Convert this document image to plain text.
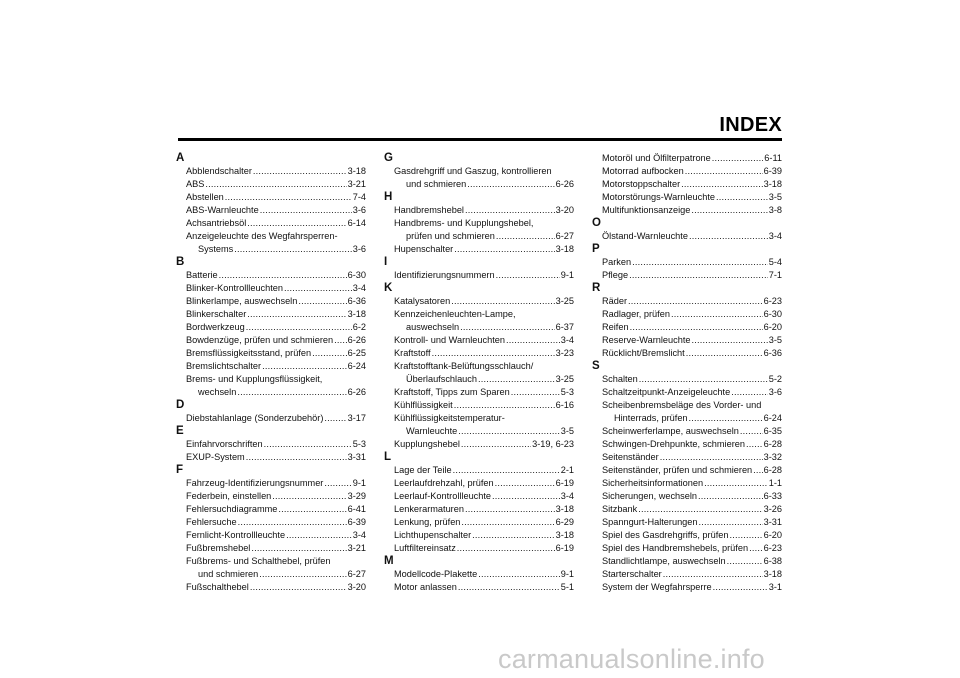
INDEX
A
Abblendschalter .....	3-18
ABS .....	3-21
Abstellen .....	7-4
ABS-Warnleuchte .....	3-6
Achsantriebsöl .....	6-14
Anzeigeleuchte des Wegfahrsperren-
Systems .....	3-6
B
Batterie .....	6-30
Blinker-Kontrollleuchten .....	3-4
Blinkerlampe, auswechseln .....	6-36
Blinkerschalter .....	3-18
Bordwerkzeug .....	6-2
Bowdenzüge, prüfen und schmieren ..... 6-26
Bremsflüssigkeitsstand, prüfen .....	6-25
Bremslichtschalter .....	6-24
Brems- und Kupplungsflüssigkeit,
wechseln .....	6-26
D
Diebstahlanlage (Sonderzubehör) .....	3-17
E
Einfahrvorschriften .....	5-3
EXUP-System .....	3-31
F
Fahrzeug-Identifizierungsnummer .....	9-1
Federbein, einstellen .....	3-29
Fehlersuchdiagramme .....	6-41
Fehlersuche .....	6-39
Fernlicht-Kontrollleuchte .....	3-4
Fußbremshebel .....	3-21
Fußbrems- und Schalthebel, prüfen
und schmieren .....	6-27
Fußschalthebel .....	3-20
G
Gasdrehgriff und Gaszug, kontrollieren
und schmieren .....	6-26
H
Handbremshebel .....	3-20
Handbrems- und Kupplungshebel,
prüfen und schmieren .....	6-27
Hupenschalter .....	3-18
I
Identifizierungsnummern .....	9-1
K
Katalysatoren .....	3-25
Kennzeichenleuchten-Lampe,
auswechseln .....	6-37
Kontroll- und Warnleuchten .....	3-4
Kraftstoff .....	3-23
Kraftstofftank-Belüftungsschlauch/
Überlaufschlauch .....	3-25
Kraftstoff, Tipps zum Sparen .....	5-3
Kühlflüssigkeit .....	6-16
Kühlflüssigkeitstemperatur-
Warnleuchte .....	3-5
Kupplungshebel .....	3-19, 6-23
L
Lage der Teile .....	2-1
Leerlaufdrehzahl, prüfen .....	6-19
Leerlauf-Kontrollleuchte .....	3-4
Lenkerarmaturen .....	3-18
Lenkung, prüfen .....	6-29
Lichthupenschalter .....	3-18
Luftfiltereinsatz .....	6-19
M
Modellcode-Plakette .....	9-1
Motor anlassen .....	5-1
Motoröl und Ölfilterpatrone .....	6-11
Motorrad aufbocken .....	6-39
Motorstoppschalter .....	3-18
Motorstörungs-Warnleuchte .....	3-5
Multifunktionsanzeige .....	3-8
O
Ölstand-Warnleuchte .....	3-4
P
Parken .....	5-4
Pflege .....	7-1
R
Räder .....	6-23
Radlager, prüfen .....	6-30
Reifen .....	6-20
Reserve-Warnleuchte .....	3-5
Rücklicht/Bremslicht .....	6-36
S
Schalten .....	5-2
Schaltzeitpunkt-Anzeigeleuchte .....	3-6
Scheibenbremsbeläge des Vorder- und
Hinterrads, prüfen .....	6-24
Scheinwerferlampe, auswechseln .....	6-35
Schwingen-Drehpunkte, schmieren ..... 6-28
Seitenständer .....	3-32
Seitenständer, prüfen und schmieren ..... 6-28
Sicherheitsinformationen .....	1-1
Sicherungen, wechseln .....	6-33
Sitzbank .....	3-26
Spanngurt-Halterungen .....	3-31
Spiel des Gasdrehgriffs, prüfen .....	6-20
Spiel des Handbremshebels, prüfen ..... 6-23
Standlichtlampe, auswechseln .....	6-38
Starterschalter .....	3-18
System der Wegfahrsperre .....	3-1
carmanualsonline.info
